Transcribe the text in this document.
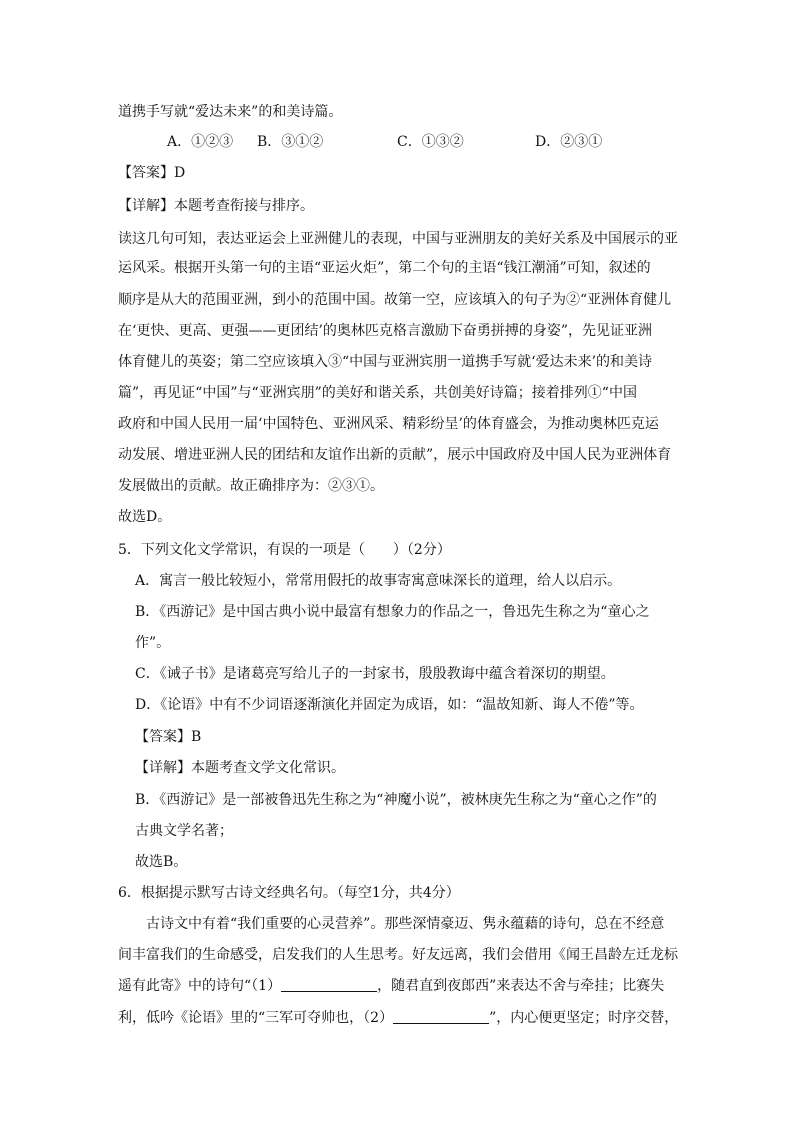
道携手写就“爱达未来”的和美诗篇。
A．①②③ B．③①②	C．①③②	D．②③①
【答案】D
【详解】本题考查衔接与排序。
读这几句可知，表达亚运会上亚洲健儿的表现，中国与亚洲朋友的美好关系及中国展示的亚
运风采。根据开头第一句的主语“亚运火炬”，第二个句的主语“钱江潮涌”可知，叙述的
顺序是从大的范围亚洲，到小的范围中国。故第一空，应该填入的句子为②“亚洲体育健儿
在‘更快、更高、更强——更团结’的奥林匹克格言激励下奋勇拼搏的身姿”，先见证亚洲
体育健儿的英姿；第二空应该填入③“中国与亚洲宾朋一道携手写就‘爱达未来’的和美诗
篇”，再见证“中国”与“亚洲宾朋”的美好和谐关系，共创美好诗篇；接着排列①“中国
政府和中国人民用一届‘中国特色、亚洲风采、精彩纷呈’的体育盛会，为推动奥林匹克运
动发展、增进亚洲人民的团结和友谊作出新的贡献”，展示中国政府及中国人民为亚洲体育
发展做出的贡献。故正确排序为：②③①。
故选D。
5．下列文化文学常识，有误的一项是（　　）（2分）
A．寓言一般比较短小，常常用假托的故事寄寓意味深长的道理，给人以启示。
B．《西游记》是中国古典小说中最富有想象力的作品之一，鲁迅先生称之为“童心之
作”。
C．《诫子书》是诸葛亮写给儿子的一封家书，殷殷教诲中蕴含着深切的期望。
D．《论语》中有不少词语逐渐演化并固定为成语，如：“温故知新、诲人不倦”等。
【答案】B
【详解】本题考查文学文化常识。
B．《西游记》是一部被鲁迅先生称之为“神魔小说”，被林庚先生称之为“童心之作”的
古典文学名著；
故选B。
6．根据提示默写古诗文经典名句。（每空1分，共4分）
古诗文中有着“我们重要的心灵营养”。那些深情豪迈、隽永蕴藉的诗句，总在不经意
间丰富我们的生命感受，启发我们的人生思考。好友远离，我们会借用《闻王昌龄左迁龙标
遥有此寄》中的诗句“（1）	，随君直到夜郎西”来表达不舍与牵挂；比赛失
利，低吟《论语》里的“三军可夺帅也，（2）	”，内心便更坚定；时序交替，
